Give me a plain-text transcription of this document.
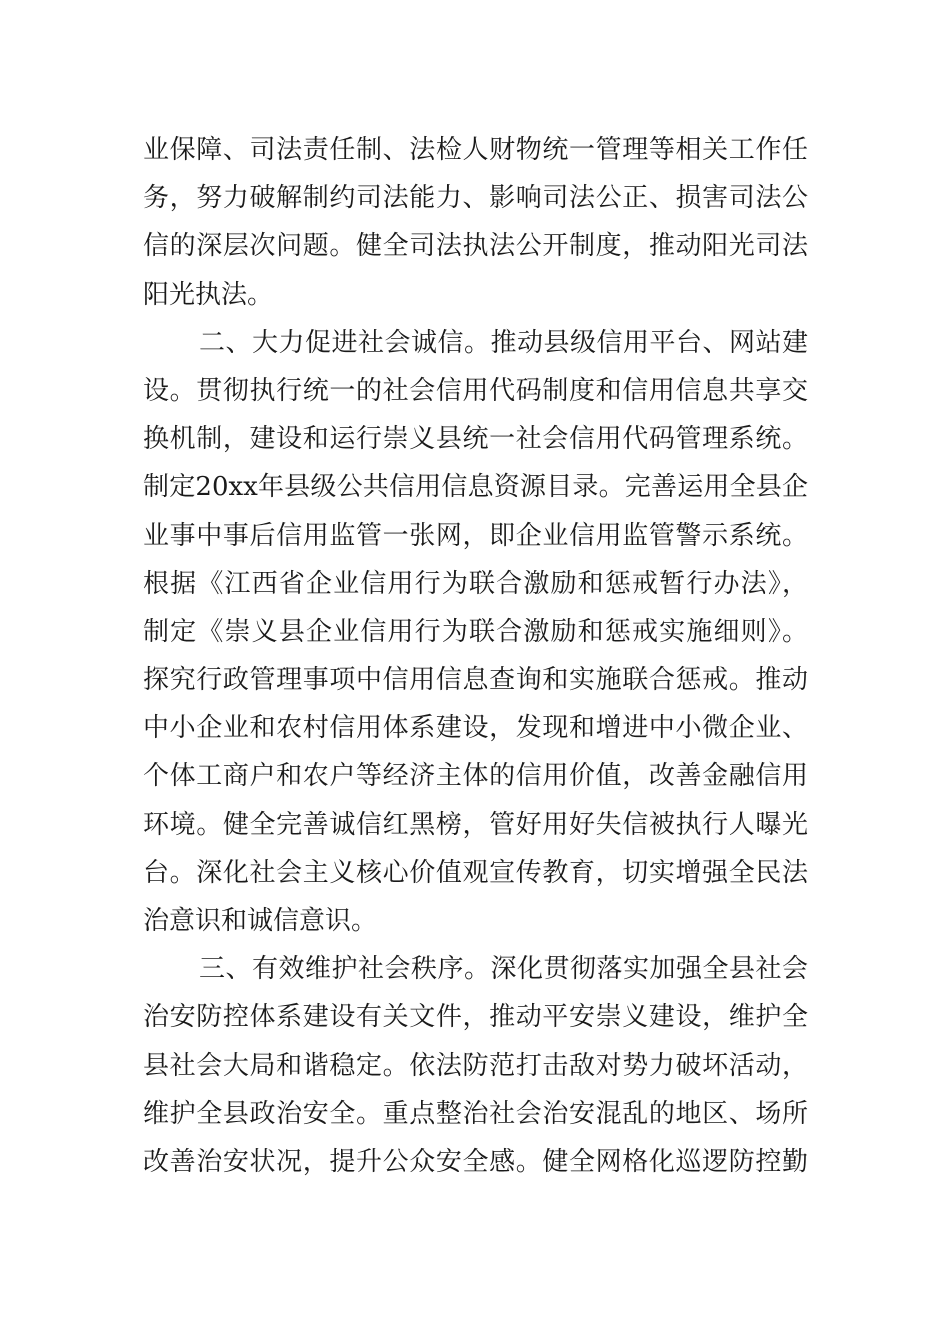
业保障、司法责任制、法检人财物统一管理等相关工作任
务，努力破解制约司法能力、影响司法公正、损害司法公
信的深层次问题。健全司法执法公开制度，推动阳光司法
阳光执法。
二、大力促进社会诚信。推动县级信用平台、网站建
设。贯彻执行统一的社会信用代码制度和信用信息共享交
换机制，建设和运行崇义县统一社会信用代码管理系统。
制定20xx年县级公共信用信息资源目录。完善运用全县企
业事中事后信用监管一张网，即企业信用监管警示系统。
根据《江西省企业信用行为联合激励和惩戒暂行办法》，
制定《崇义县企业信用行为联合激励和惩戒实施细则》。
探究行政管理事项中信用信息查询和实施联合惩戒。推动
中小企业和农村信用体系建设，发现和增进中小微企业、
个体工商户和农户等经济主体的信用价值，改善金融信用
环境。健全完善诚信红黑榜，管好用好失信被执行人曝光
台。深化社会主义核心价值观宣传教育，切实增强全民法
治意识和诚信意识。
三、有效维护社会秩序。深化贯彻落实加强全县社会
治安防控体系建设有关文件，推动平安崇义建设，维护全
县社会大局和谐稳定。依法防范打击敌对势力破坏活动，
维护全县政治安全。重点整治社会治安混乱的地区、场所
改善治安状况，提升公众安全感。健全网格化巡逻防控勤
